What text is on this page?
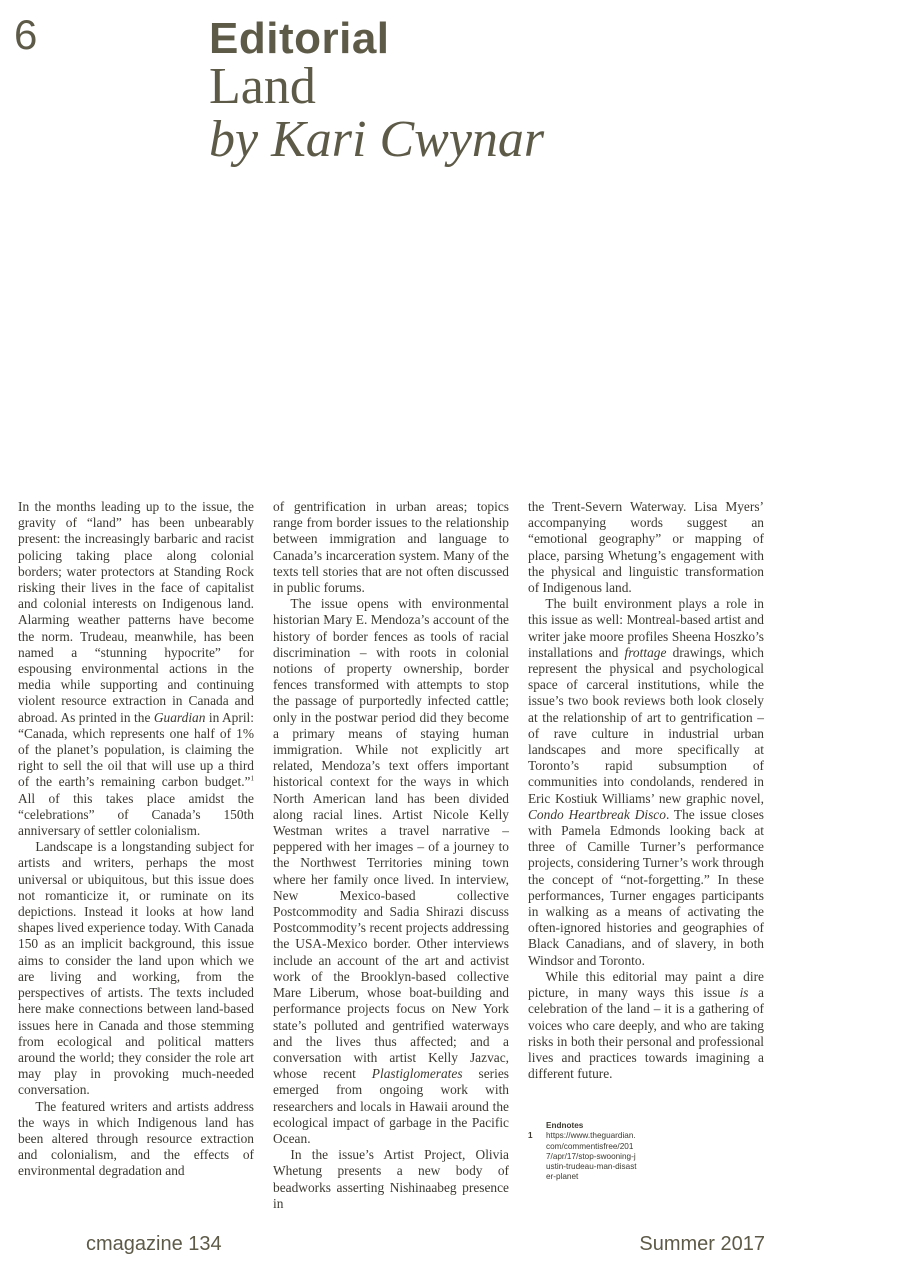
6	Editorial
Land
by Kari Cwynar

In the months leading up to the issue, the gravity of “land” has been unbearably present: the increasingly barbaric and racist policing taking place along colonial borders; water protectors at Standing Rock risking their lives in the face of capitalist and colonial interests on Indigenous land. Alarming weather patterns have become the norm. Trudeau, meanwhile, has been named a “stunning hypocrite” for espousing environmental actions in the media while supporting and continuing violent resource extraction in Canada and abroad. As printed in the Guardian in April: “Canada, which represents one half of 1% of the planet’s population, is claiming the right to sell the oil that will use up a third of the earth’s remaining carbon budget.”$^1$ All of this takes place amidst the “celebrations” of Canada’s 150th anniversary of settler colonialism.

Landscape is a longstanding subject for artists and writers, perhaps the most universal or ubiquitous, but this issue does not romanticize it, or ruminate on its depictions. Instead it looks at how land shapes lived experience today. With Canada 150 as an implicit background, this issue aims to consider the land upon which we are living and working, from the perspectives of artists. The texts included here make connections between land-based issues here in Canada and those stemming from ecological and political matters around the world; they consider the role art may play in provoking much-needed conversation.

The featured writers and artists address the ways in which Indigenous land has been altered through resource extraction and colonialism, and the effects of environmental degradation and

of gentrification in urban areas; topics range from border issues to the relationship between immigration and language to Canada’s incarceration system. Many of the texts tell stories that are not often discussed in public forums.

The issue opens with environmental historian Mary E. Mendoza’s account of the history of border fences as tools of racial discrimination – with roots in colonial notions of property ownership, border fences transformed with attempts to stop the passage of purportedly infected cattle; only in the postwar period did they become a primary means of staying human immigration. While not explicitly art related, Mendoza’s text offers important historical context for the ways in which North American land has been divided along racial lines. Artist Nicole Kelly Westman writes a travel narrative – peppered with her images – of a journey to the Northwest Territories mining town where her family once lived. In interview, New Mexico-based collective Postcommodity and Sadia Shirazi discuss Postcommodity’s recent projects addressing the USA-Mexico border. Other interviews include an account of the art and activist work of the Brooklyn-based collective Mare Liberum, whose boat-building and performance projects focus on New York state’s polluted and gentrified waterways and the lives thus affected; and a conversation with artist Kelly Jazvac, whose recent Plastiglomerates series emerged from ongoing work with researchers and locals in Hawaii around the ecological impact of garbage in the Pacific Ocean.

In the issue’s Artist Project, Olivia Whetung presents a new body of beadworks asserting Nishinaabeg presence in

the Trent-Severn Waterway. Lisa Myers’ accompanying words suggest an “emotional geography” or mapping of place, parsing Whetung’s engagement with the physical and linguistic transformation of Indigenous land.

The built environment plays a role in this issue as well: Montreal-based artist and writer jake moore profiles Sheena Hoszko’s installations and frottage drawings, which represent the physical and psychological space of carceral institutions, while the issue’s two book reviews both look closely at the relationship of art to gentrification – of rave culture in industrial urban landscapes and more specifically at Toronto’s rapid subsumption of communities into condolands, rendered in Eric Kostiuk Williams’ new graphic novel, Condo Heartbreak Disco. The issue closes with Pamela Edmonds looking back at three of Camille Turner’s performance projects, considering Turner’s work through the concept of “not-forgetting.” In these performances, Turner engages participants in walking as a means of activating the often-ignored histories and geographies of Black Canadians, and of slavery, in both Windsor and Toronto.

While this editorial may paint a dire picture, in many ways this issue is a celebration of the land – it is a gathering of voices who care deeply, and who are taking risks in both their personal and professional lives and practices towards imagining a different future.

Endnotes
1	https://www.theguardian.com/commentisfree/2017/apr/17/stop-swooning-justin-trudeau-man-disaster-planet
cmagazine 134	Summer 2017
